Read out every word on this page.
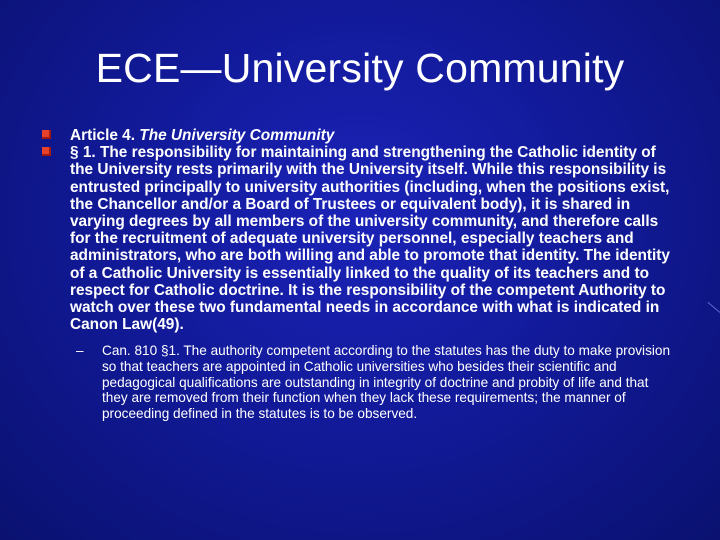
ECE—University Community
Article 4. The University Community
§ 1. The responsibility for maintaining and strengthening the Catholic identity of the University rests primarily with the University itself. While this responsibility is entrusted principally to university authorities (including, when the positions exist, the Chancellor and/or a Board of Trustees or equivalent body), it is shared in varying degrees by all members of the university community, and therefore calls for the recruitment of adequate university personnel, especially teachers and administrators, who are both willing and able to promote that identity. The identity of a Catholic University is essentially linked to the quality of its teachers and to respect for Catholic doctrine. It is the responsibility of the competent Authority to watch over these two fundamental needs in accordance with what is indicated in Canon Law(49).
– Can. 810 §1. The authority competent according to the statutes has the duty to make provision so that teachers are appointed in Catholic universities who besides their scientific and pedagogical qualifications are outstanding in integrity of doctrine and probity of life and that they are removed from their function when they lack these requirements; the manner of proceeding defined in the statutes is to be observed.
